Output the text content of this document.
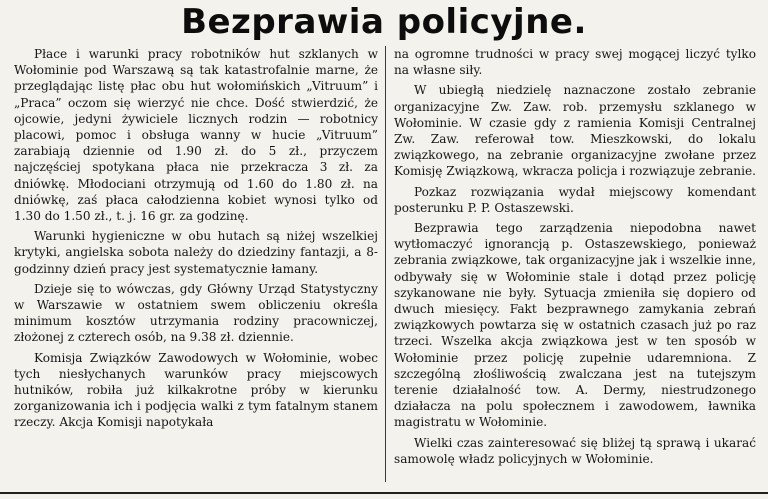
Bezprawia policyjne.

Płace i warunki pracy robotników hut szklanych w Wołominie pod Warszawą są tak katastrofalnie marne, że przeglądając listę płac obu hut wołomińskich „Vitruum” i „Praca” oczom się wierzyć nie chce. Dość stwierdzić, że ojcowie, jedyni żywiciele licznych rodzin — robotnicy placowi, pomoc i obsługa wanny w hucie „Vitruum” zarabiają dziennie od 1.90 zł. do 5 zł., przyczem najczęściej spotykana płaca nie przekracza 3 zł. za dniówkę. Młodociani otrzymują od 1.60 do 1.80 zł. na dniówkę, zaś płaca całodzienna kobiet wynosi tylko od 1.30 do 1.50 zł., t. j. 16 gr. za godzinę.

Warunki hygieniczne w obu hutach są niżej wszelkiej krytyki, angielska sobota należy do dziedziny fantazji, a 8-godzinny dzień pracy jest systematycznie łamany.

Dzieje się to wówczas, gdy Główny Urząd Statystyczny w Warszawie w ostatniem swem obliczeniu określa minimum kosztów utrzymania rodziny pracowniczej, złożonej z czterech osób, na 9.38 zł. dziennie.

Komisja Związków Zawodowych w Wołominie, wobec tych niesłychanych warunków pracy miejscowych hutników, robiła już kilkakrotne próby w kierunku zorganizowania ich i podjęcia walki z tym fatalnym stanem rzeczy. Akcja Komisji napotykała

na ogromne trudności w pracy swej mogącej liczyć tylko na własne siły.

W ubiegłą niedzielę naznaczone zostało zebranie organizacyjne Zw. Zaw. rob. przemysłu szklanego w Wołominie. W czasie gdy z ramienia Komisji Centralnej Zw. Zaw. referował tow. Mieszkowski, do lokalu związkowego, na zebranie organizacyjne zwołane przez Komisję Związkową, wkracza policja i rozwiązuje zebranie.

Pozkaz rozwiązania wydał miejscowy komendant posterunku P. P. Ostaszewski.

Bezprawia tego zarządzenia niepodobna nawet wytłomaczyć ignorancją p. Ostaszewskiego, ponieważ zebrania związkowe, tak organizacyjne jak i wszelkie inne, odbywały się w Wołominie stale i dotąd przez policję szykanowane nie były. Sytuacja zmieniła się dopiero od dwuch miesięcy. Fakt bezprawnego zamykania zebrań związkowych powtarza się w ostatnich czasach już po raz trzeci. Wszelka akcja związkowa jest w ten sposób w Wołominie przez policję zupełnie udaremniona. Z szczególną złośliwością zwalczana jest na tutejszym terenie działalność tow. A. Dermy, niestrudzonego działacza na polu społecznem i zawodowem, ławnika magistratu w Wołominie.

Wielki czas zainteresować się bliżej tą sprawą i ukarać samowolę władz policyjnych w Wołominie.
